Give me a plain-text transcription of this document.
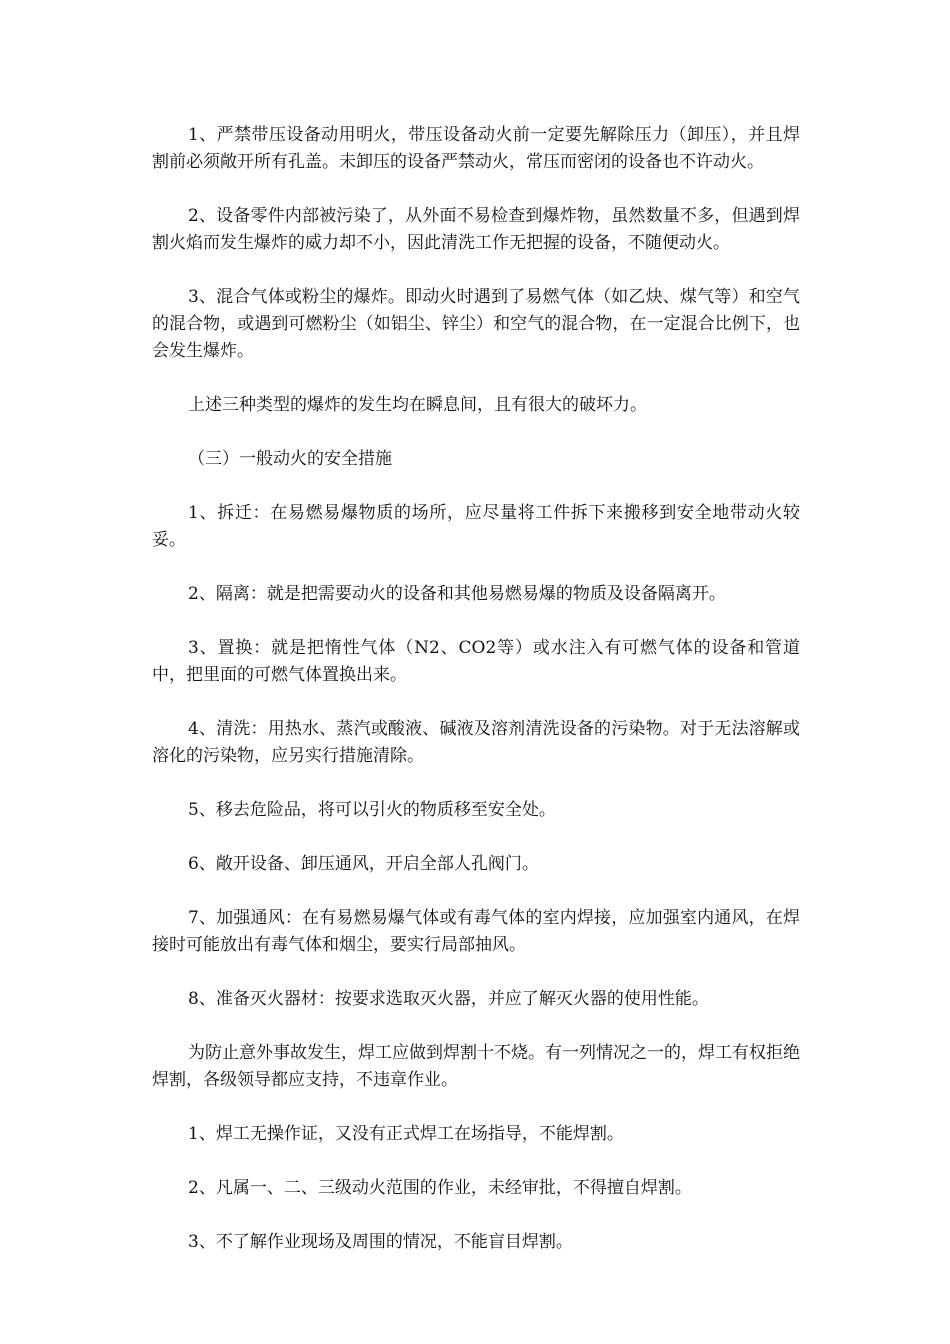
1、严禁带压设备动用明火，带压设备动火前一定要先解除压力（卸压），并且焊割前必须敞开所有孔盖。未卸压的设备严禁动火，常压而密闭的设备也不许动火。

2、设备零件内部被污染了，从外面不易检查到爆炸物，虽然数量不多，但遇到焊割火焰而发生爆炸的威力却不小，因此清洗工作无把握的设备，不随便动火。

3、混合气体或粉尘的爆炸。即动火时遇到了易燃气体（如乙炔、煤气等）和空气的混合物，或遇到可燃粉尘（如铝尘、锌尘）和空气的混合物，在一定混合比例下，也会发生爆炸。

上述三种类型的爆炸的发生均在瞬息间，且有很大的破坏力。

（三）一般动火的安全措施

1、拆迁：在易燃易爆物质的场所，应尽量将工件拆下来搬移到安全地带动火较妥。

2、隔离：就是把需要动火的设备和其他易燃易爆的物质及设备隔离开。

3、置换：就是把惰性气体（N2、CO2等）或水注入有可燃气体的设备和管道中，把里面的可燃气体置换出来。

4、清洗：用热水、蒸汽或酸液、碱液及溶剂清洗设备的污染物。对于无法溶解或溶化的污染物，应另实行措施清除。

5、移去危险品，将可以引火的物质移至安全处。

6、敞开设备、卸压通风，开启全部人孔阀门。

7、加强通风：在有易燃易爆气体或有毒气体的室内焊接，应加强室内通风，在焊接时可能放出有毒气体和烟尘，要实行局部抽风。

8、准备灭火器材：按要求选取灭火器，并应了解灭火器的使用性能。

为防止意外事故发生，焊工应做到焊割十不烧。有一列情况之一的，焊工有权拒绝焊割，各级领导都应支持，不违章作业。

1、焊工无操作证，又没有正式焊工在场指导，不能焊割。

2、凡属一、二、三级动火范围的作业，未经审批，不得擅自焊割。

3、不了解作业现场及周围的情况，不能盲目焊割。
